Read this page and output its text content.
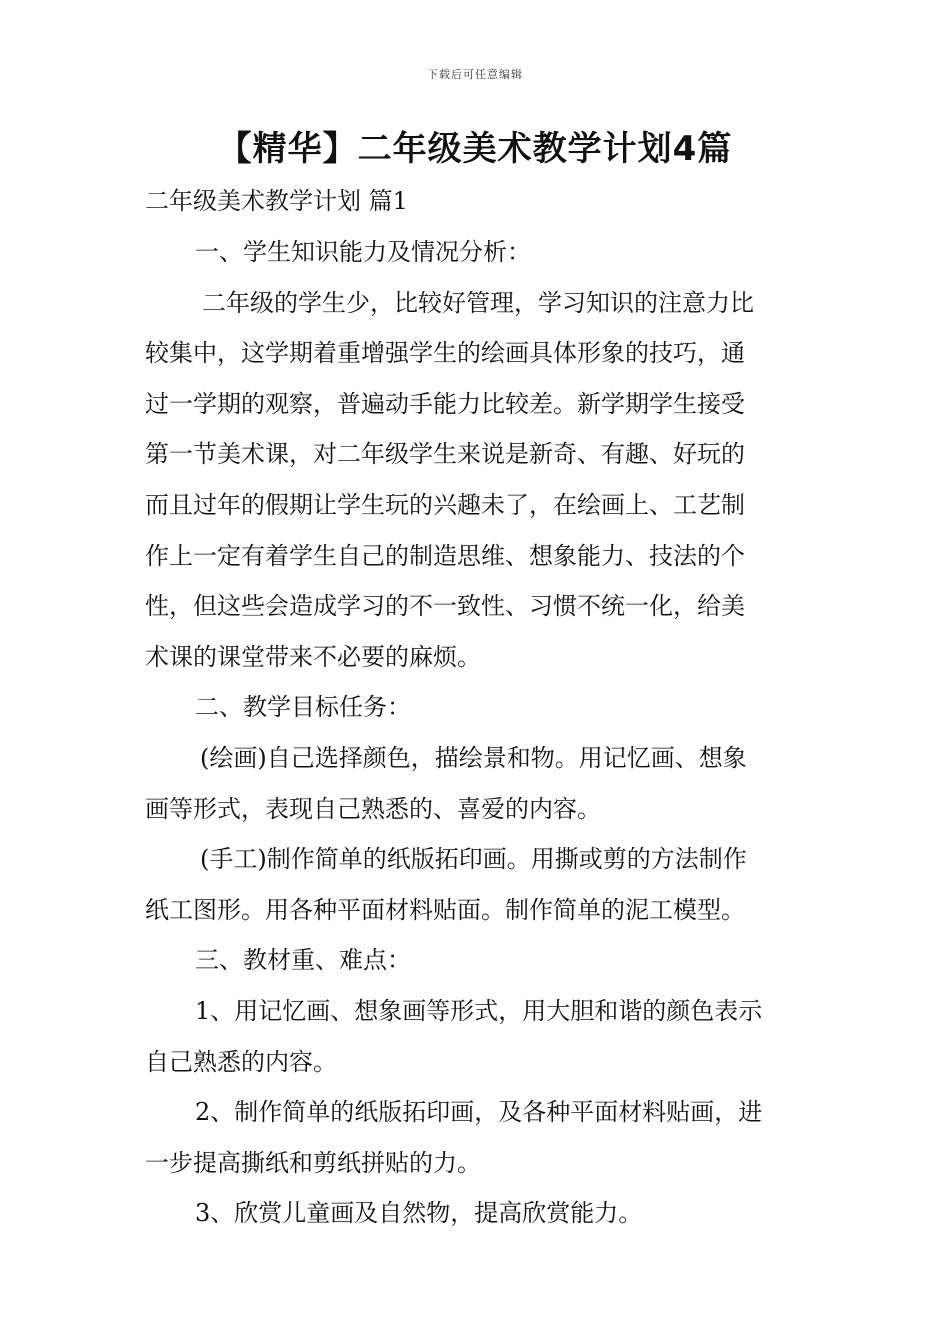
下载后可任意编辑
【精华】二年级美术教学计划4篇

二年级美术教学计划 篇1

一、学生知识能力及情况分析：

二年级的学生少，比较好管理，学习知识的注意力比

较集中，这学期着重增强学生的绘画具体形象的技巧，通

过一学期的观察，普遍动手能力比较差。新学期学生接受

第一节美术课，对二年级学生来说是新奇、有趣、好玩的

而且过年的假期让学生玩的兴趣未了，在绘画上、工艺制

作上一定有着学生自己的制造思维、想象能力、技法的个

性，但这些会造成学习的不一致性、习惯不统一化，给美

术课的课堂带来不必要的麻烦。

二、教学目标任务：

(绘画)自己选择颜色，描绘景和物。用记忆画、想象

画等形式，表现自己熟悉的、喜爱的内容。

(手工)制作简单的纸版拓印画。用撕或剪的方法制作

纸工图形。用各种平面材料贴面。制作简单的泥工模型。

三、教材重、难点：

1、用记忆画、想象画等形式，用大胆和谐的颜色表示

自己熟悉的内容。

2、制作简单的纸版拓印画，及各种平面材料贴画，进

一步提高撕纸和剪纸拼贴的力。

3、欣赏儿童画及自然物，提高欣赏能力。
